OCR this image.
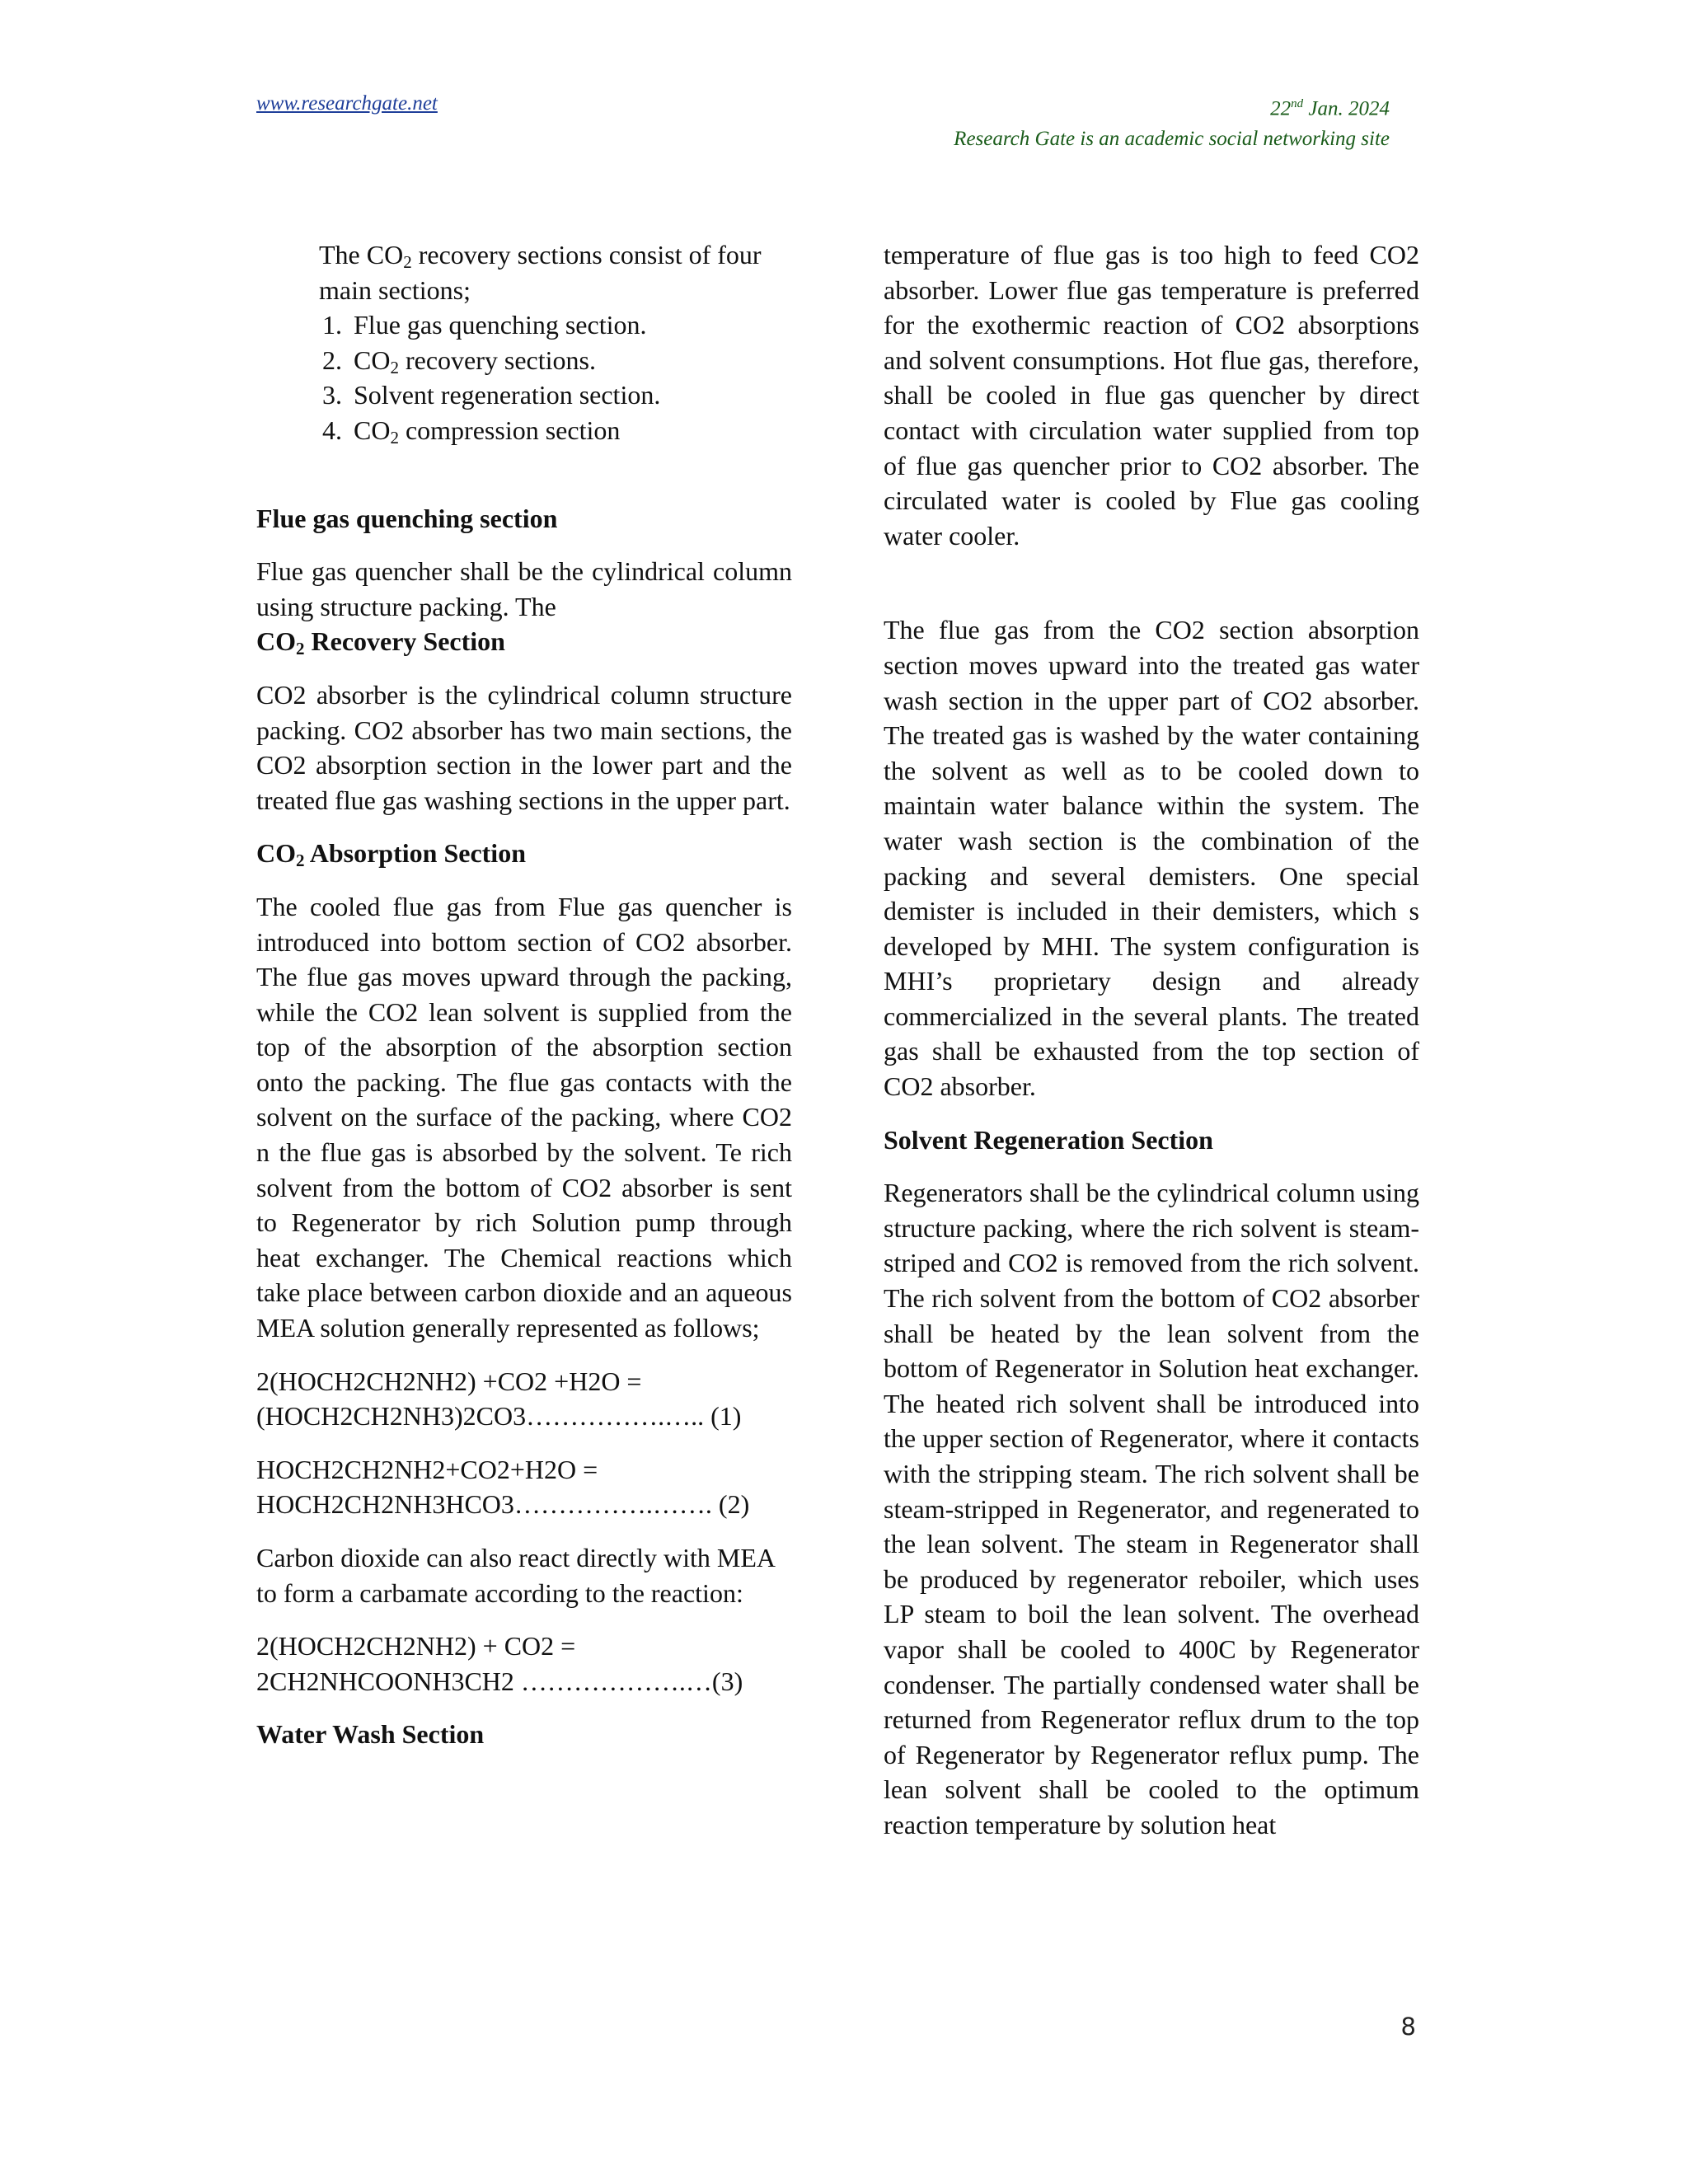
www.researchgate.net	22nd Jan. 2024
Research Gate is an academic social networking site

The $CO_2$ recovery sections consist of four main sections;

1. Flue gas quenching section.
2. $CO_2$ recovery sections.
3. Solvent regeneration section.
4. $CO_2$ compression section
Flue gas quenching section

Flue gas quencher shall be the cylindrical column using structure packing. The

$CO_2$ Recovery Section

CO2 absorber is the cylindrical column structure packing. CO2 absorber has two main sections, the CO2 absorption section in the lower part and the treated flue gas washing sections in the upper part.

$CO_2$ Absorption Section

The cooled flue gas from Flue gas quencher is introduced into bottom section of CO2 absorber. The flue gas moves upward through the packing, while the CO2 lean solvent is supplied from the top of the absorption of the absorption section onto the packing. The flue gas contacts with the solvent on the surface of the packing, where CO2 n the flue gas is absorbed by the solvent. Te rich solvent from the bottom of CO2 absorber is sent to Regenerator by rich Solution pump through heat exchanger. The Chemical reactions which take place between carbon dioxide and an aqueous MEA solution generally represented as follows;

2(HOCH2CH2NH2) +CO2 +H2O =
(HOCH2CH2NH3)2CO3…………….….. (1)

HOCH2CH2NH2+CO2+H2O =
HOCH2CH2NH3HCO3…………….……. (2)

Carbon dioxide can also react directly with MEA to form a carbamate according to the reaction:

2(HOCH2CH2NH2) + CO2 =
2CH2NHCOONH3CH2 ……………….…(3)

Water Wash Section

temperature of flue gas is too high to feed CO2 absorber. Lower flue gas temperature is preferred for the exothermic reaction of CO2 absorptions and solvent consumptions. Hot flue gas, therefore, shall be cooled in flue gas quencher by direct contact with circulation water supplied from top of flue gas quencher prior to CO2 absorber. The circulated water is cooled by Flue gas cooling water cooler.

The flue gas from the CO2 section absorption section moves upward into the treated gas water wash section in the upper part of CO2 absorber. The treated gas is washed by the water containing the solvent as well as to be cooled down to maintain water balance within the system. The water wash section is the combination of the packing and several demisters. One special demister is included in their demisters, which s developed by MHI. The system configuration is MHI’s proprietary design and already commercialized in the several plants. The treated gas shall be exhausted from the top section of CO2 absorber.

Solvent Regeneration Section

Regenerators shall be the cylindrical column using structure packing, where the rich solvent is steam-striped and CO2 is removed from the rich solvent. The rich solvent from the bottom of CO2 absorber shall be heated by the lean solvent from the bottom of Regenerator in Solution heat exchanger. The heated rich solvent shall be introduced into the upper section of Regenerator, where it contacts with the stripping steam. The rich solvent shall be steam-stripped in Regenerator, and regenerated to the lean solvent. The steam in Regenerator shall be produced by regenerator reboiler, which uses LP steam to boil the lean solvent. The overhead vapor shall be cooled to 400C by Regenerator condenser. The partially condensed water shall be returned from Regenerator reflux drum to the top of Regenerator by Regenerator reflux pump. The lean solvent shall be cooled to the optimum reaction temperature by solution heat

8
